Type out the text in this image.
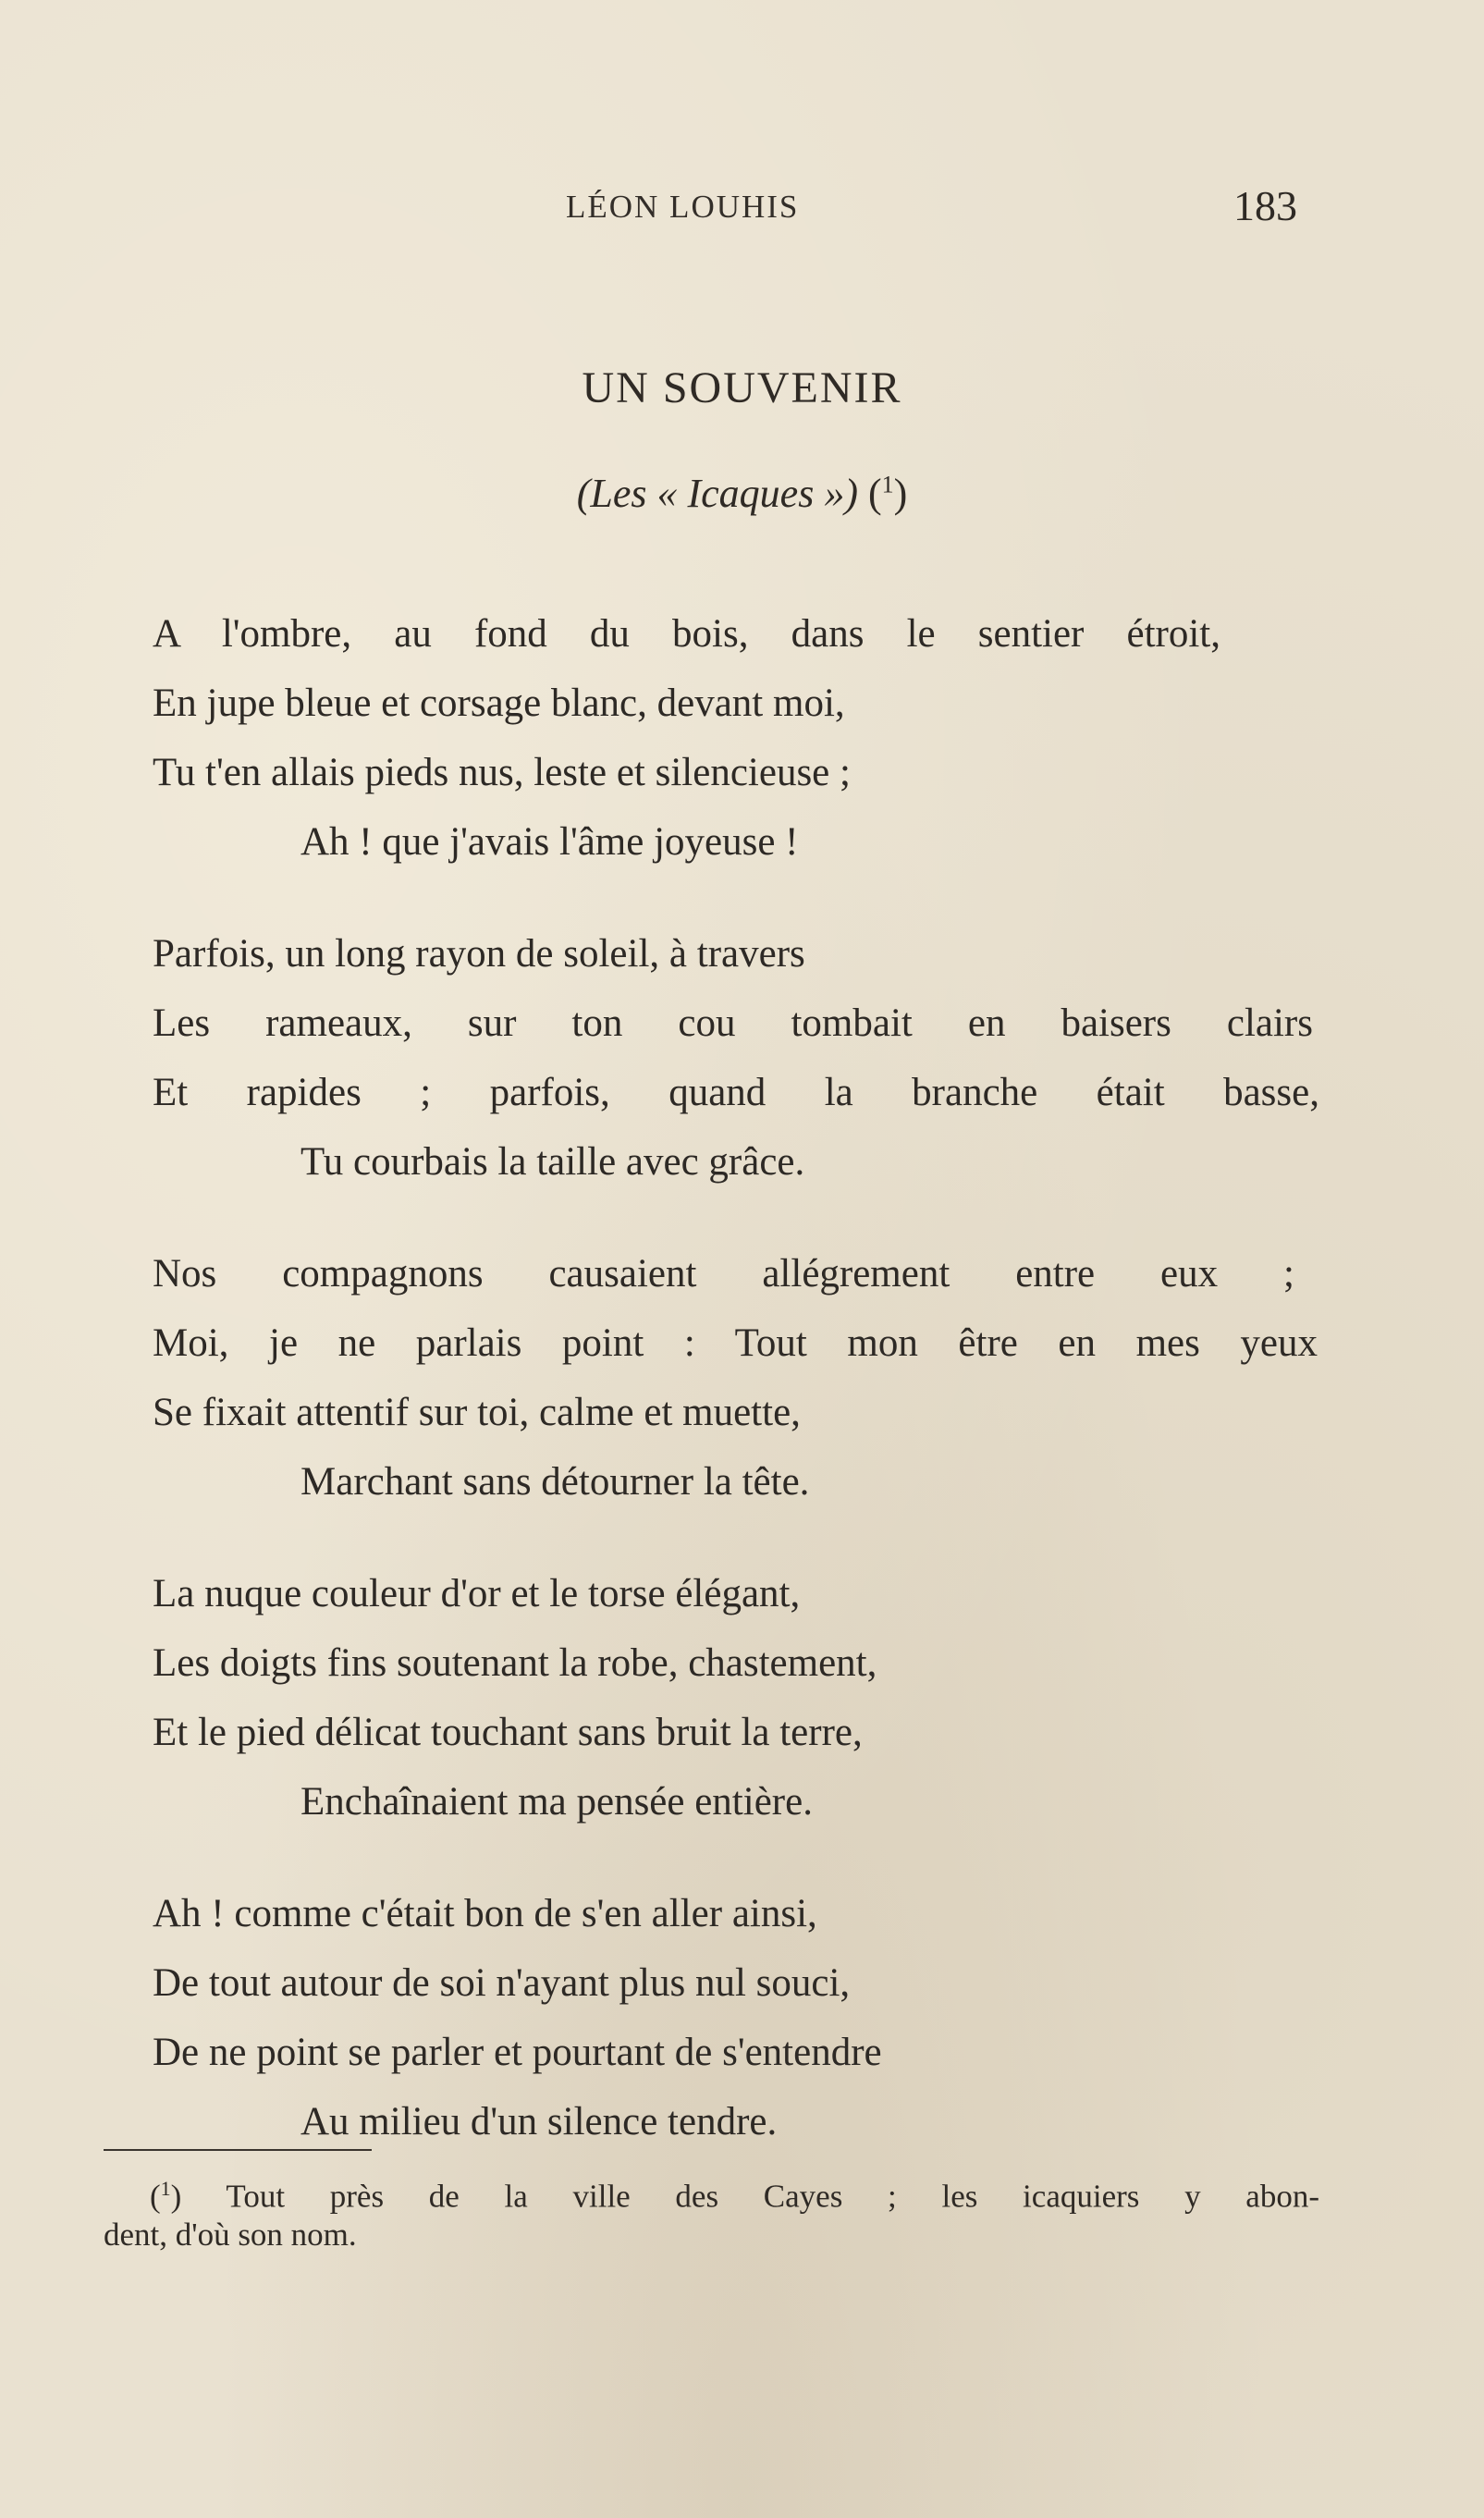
LÉON LOUHIS	183
UN SOUVENIR
(Les « Icaques ») ($^1$)
A l'ombre, au fond du bois, dans le sentier étroit,
En jupe bleue et corsage blanc, devant moi,
Tu t'en allais pieds nus, leste et silencieuse ;
Ah ! que j'avais l'âme joyeuse !
Parfois, un long rayon de soleil, à travers
Les rameaux, sur ton cou tombait en baisers clairs
Et rapides ; parfois, quand la branche était basse,
Tu courbais la taille avec grâce.
Nos compagnons causaient allégrement entre eux ;
Moi, je ne parlais point : Tout mon être en mes yeux
Se fixait attentif sur toi, calme et muette,
Marchant sans détourner la tête.
La nuque couleur d'or et le torse élégant,
Les doigts fins soutenant la robe, chastement,
Et le pied délicat touchant sans bruit la terre,
Enchaînaient ma pensée entière.
Ah ! comme c'était bon de s'en aller ainsi,
De tout autour de soi n'ayant plus nul souci,
De ne point se parler et pourtant de s'entendre
Au milieu d'un silence tendre.
($^1$) Tout près de la ville des Cayes ; les icaquiers y abon-
dent, d'où son nom.
